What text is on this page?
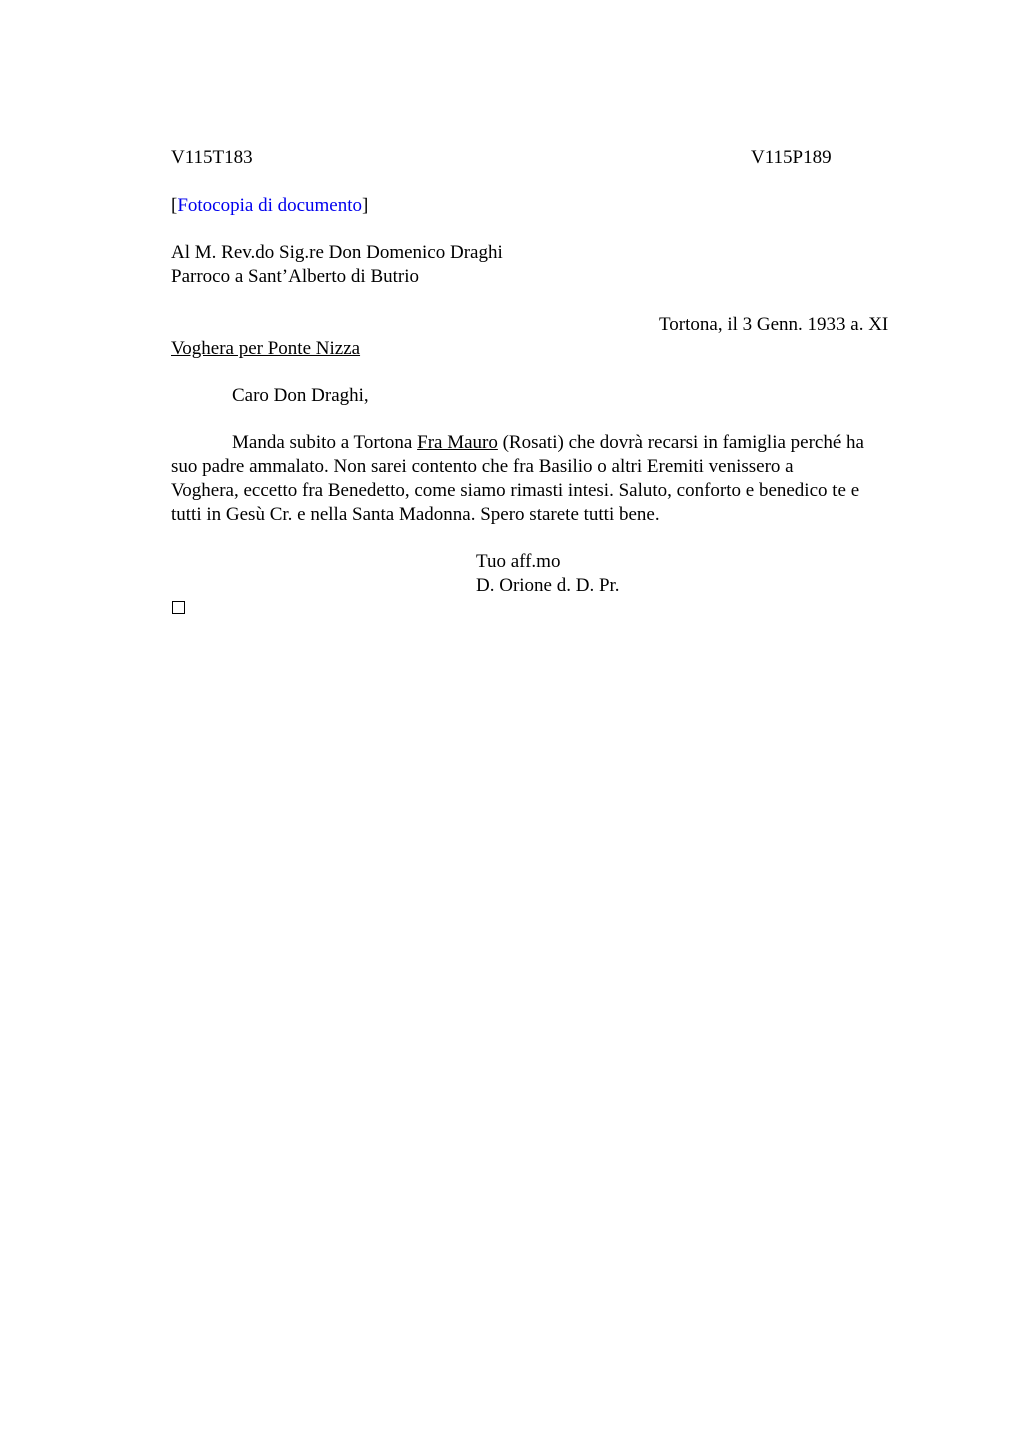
V115T183	V115P189
[Fotocopia di documento]
Al M. Rev.do Sig.re Don Domenico Draghi
Parroco a Sant’Alberto di Butrio
Tortona, il 3 Genn. 1933 a. XI
Voghera per Ponte Nizza
Caro Don Draghi,
Manda subito a Tortona Fra Mauro (Rosati) che dovrà recarsi in famiglia perché ha
suo padre ammalato. Non sarei contento che fra Basilio o altri Eremiti venissero a
Voghera, eccetto fra Benedetto, come siamo rimasti intesi. Saluto, conforto e benedico te e
tutti in Gesù Cr. e nella Santa Madonna. Spero starete tutti bene.
Tuo aff.mo
D. Orione d. D. Pr.
